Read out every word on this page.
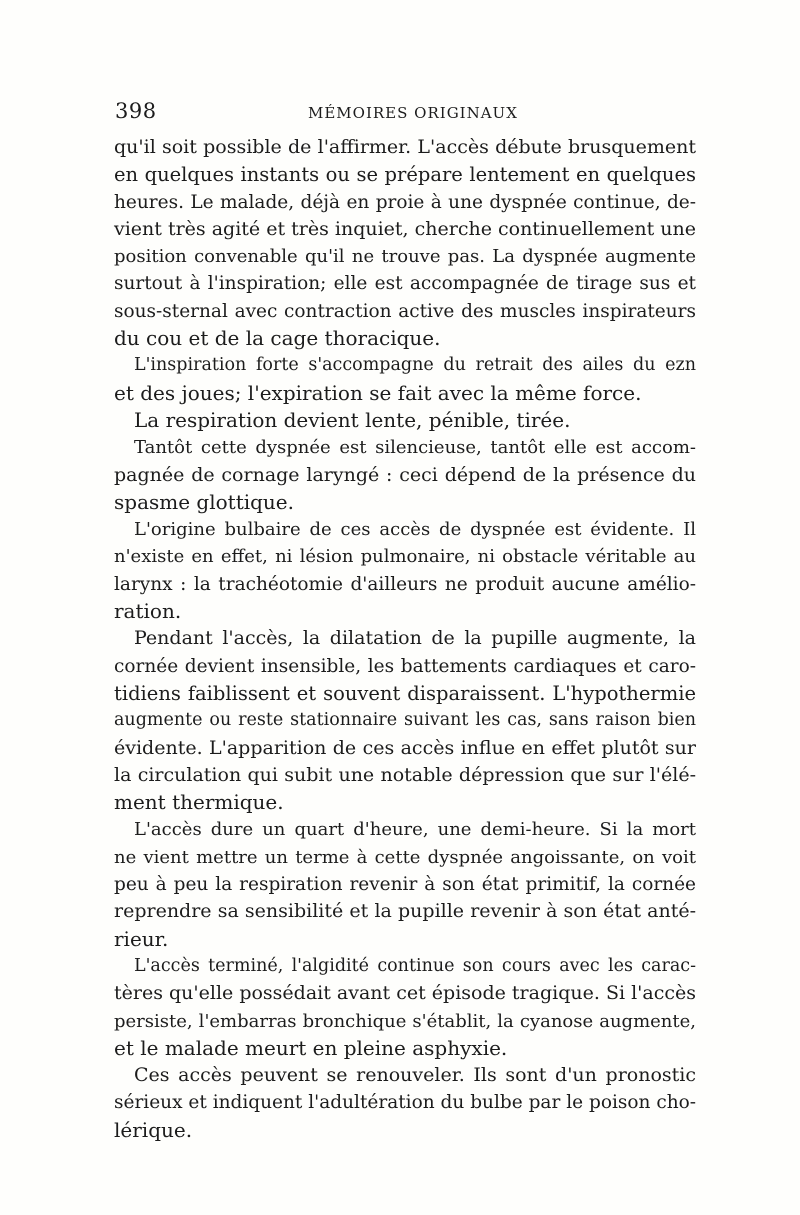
398	MÉMOIRES ORIGINAUX
qu'il soit possible de l'affirmer. L'accès débute brusquement
en quelques instants ou se prépare lentement en quelques
heures. Le malade, déjà en proie à une dyspnée continue, de-
vient très agité et très inquiet, cherche continuellement une
position convenable qu'il ne trouve pas. La dyspnée augmente
surtout à l'inspiration; elle est accompagnée de tirage sus et
sous-sternal avec contraction active des muscles inspirateurs
du cou et de la cage thoracique.
L'inspiration forte s'accompagne du retrait des ailes du ezn
et des joues; l'expiration se fait avec la même force.
La respiration devient lente, pénible, tirée.
Tantôt cette dyspnée est silencieuse, tantôt elle est accom-
pagnée de cornage laryngé : ceci dépend de la présence du
spasme glottique.
L'origine bulbaire de ces accès de dyspnée est évidente. Il
n'existe en effet, ni lésion pulmonaire, ni obstacle véritable au
larynx : la trachéotomie d'ailleurs ne produit aucune amélio-
ration.
Pendant l'accès, la dilatation de la pupille augmente, la
cornée devient insensible, les battements cardiaques et caro-
tidiens faiblissent et souvent disparaissent. L'hypothermie
augmente ou reste stationnaire suivant les cas, sans raison bien
évidente. L'apparition de ces accès influe en effet plutôt sur
la circulation qui subit une notable dépression que sur l'élé-
ment thermique.
L'accès dure un quart d'heure, une demi-heure. Si la mort
ne vient mettre un terme à cette dyspnée angoissante, on voit
peu à peu la respiration revenir à son état primitif, la cornée
reprendre sa sensibilité et la pupille revenir à son état anté-
rieur.
L'accès terminé, l'algidité continue son cours avec les carac-
tères qu'elle possédait avant cet épisode tragique. Si l'accès
persiste, l'embarras bronchique s'établit, la cyanose augmente,
et le malade meurt en pleine asphyxie.
Ces accès peuvent se renouveler. Ils sont d'un pronostic
sérieux et indiquent l'adultération du bulbe par le poison cho-
lérique.
